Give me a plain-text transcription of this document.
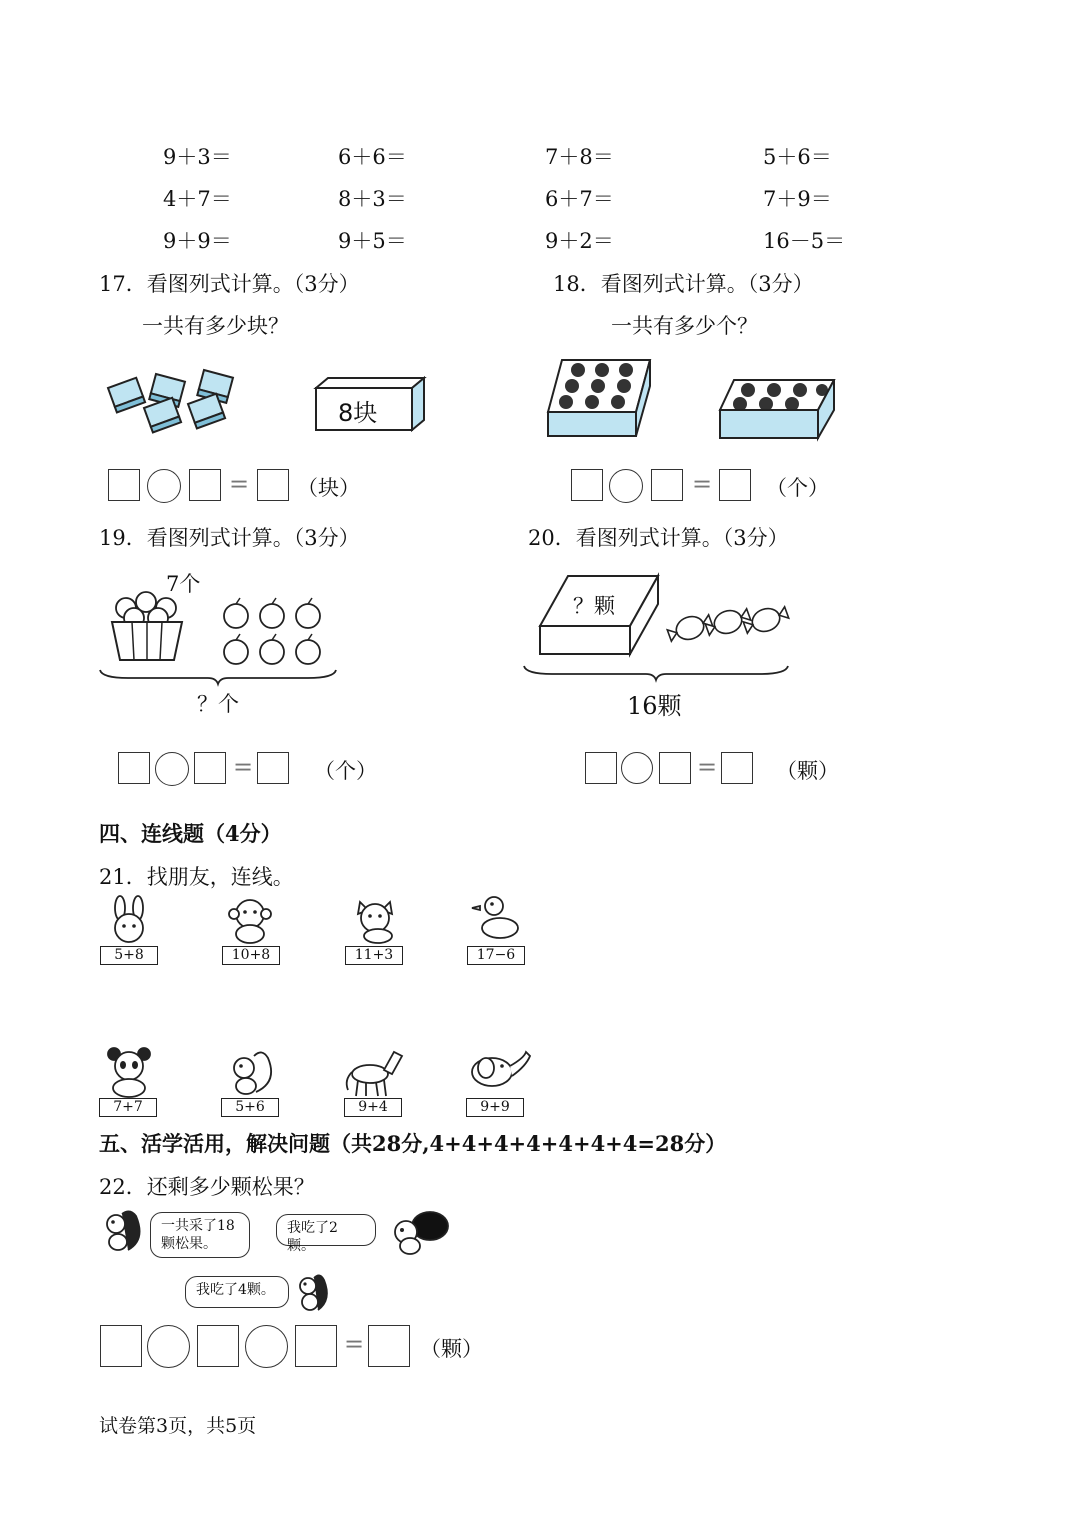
9＋3＝	6＋6＝	7＋8＝	5＋6＝
4＋7＝	8＋3＝	6＋7＝	7＋9＝
9＋9＝	9＋5＝	9＋2＝	16－5＝
17．看图列式计算。（3分）
一共有多少块？
8块
= （块）
18．看图列式计算。（3分）
一共有多少个？
=	（个）
19．看图列式计算。（3分）
7个
？个
=	（个）
20．看图列式计算。（3分）
？颗
16颗
=	（颗）
四、连线题（4分）
21．找朋友，连线。
5+8	10+8	11+3	17−6
7+7	5+6	9+4	9+9
五、活学活用，解决问题（共28分,4+4+4+4+4+4+4=28分）
22．还剩多少颗松果？
一共采了18
颗松果。
我吃了2颗。
我吃了4颗。
=	（颗）
试卷第3页，共5页
